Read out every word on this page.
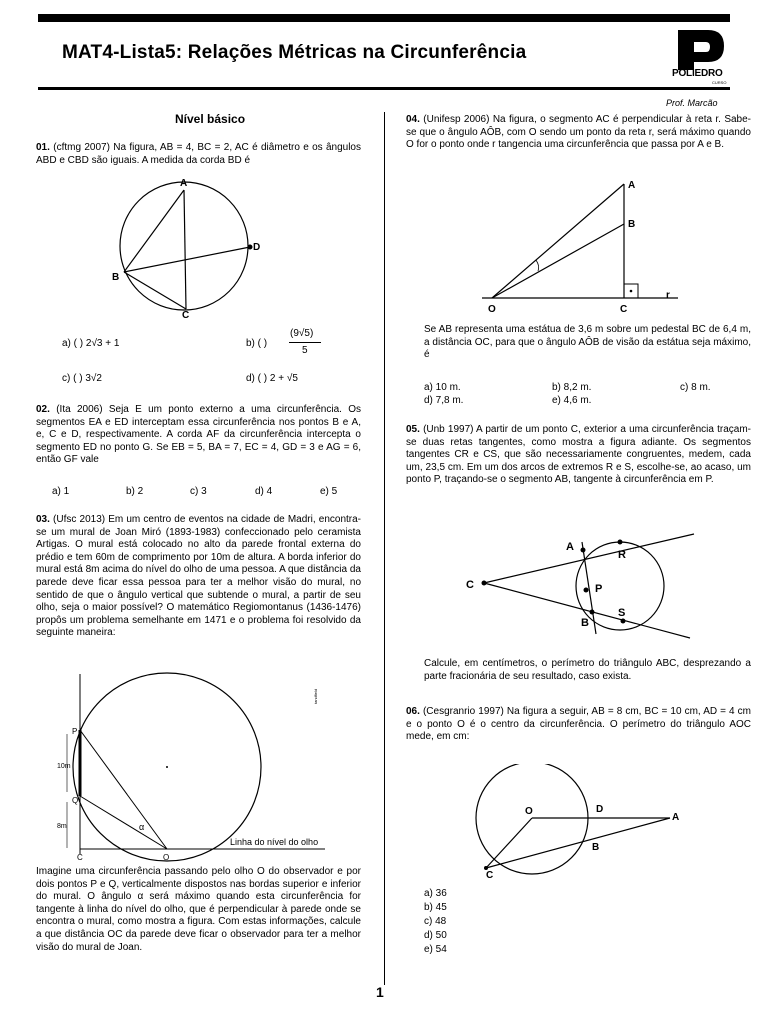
MAT4-Lista5: Relações Métricas na Circunferência
POLIEDRO
CURSO
Prof. Marcão
Nível básico
01. (cftmg 2007) Na figura, AB = 4, BC = 2, AC é diâmetro e os ângulos ABD e CBD são iguais. A medida da corda BD é
A
B
C
D
a) ( ) 2√3 + 1	b) ( )
(9√5)
5
c) ( ) 3√2	d) ( ) 2 + √5
02. (Ita 2006) Seja E um ponto externo a uma circunferência. Os segmentos EA e ED interceptam essa circunferência nos pontos B e A, e, C e D, respectivamente. A corda AF da circunferência intercepta o segmento ED no ponto G. Se EB = 5, BA = 7, EC = 4, GD = 3 e AG = 6, então GF vale
a) 1	b) 2	c) 3	d) 4	e) 5
03. (Ufsc 2013) Em um centro de eventos na cidade de Madri, encontra-se um mural de Joan Miró (1893-1983) confeccionado pelo ceramista Artigas. O mural está colocado no alto da parede frontal externa do prédio e tem 60m de comprimento por 10m de altura. A borda inferior do mural está 8m acima do nível do olho de uma pessoa. A que distância da parede deve ficar essa pessoa para ter a melhor visão do mural, no sentido de que o ângulo vertical que subtende o mural, a partir de seu olho, seja o maior possível? O matemático Regiomontanus (1436-1476) propôs um problema semelhante em 1471 e o problema foi resolvido da seguinte maneira:
P
Q
C	O
α
10m
8m
Linha do nível do olho
tandfield
Imagine uma circunferência passando pelo olho O do observador e por dois pontos P e Q, verticalmente dispostos nas bordas superior e inferior do mural. O ângulo α será máximo quando esta circunferência for tangente à linha do nível do olho, que é perpendicular à parede onde se encontra o mural, como mostra a figura. Com estas informações, calcule a que distância OC da parede deve ficar o observador para ter a melhor visão do mural de Joan.
04. (Unifesp 2006) Na figura, o segmento AC é perpendicular à reta r. Sabe-se que o ângulo AÔB, com O sendo um ponto da reta r, será máximo quando O for o ponto onde r tangencia uma circunferência que passa por A e B.
A
B
O	C
r
Se AB representa uma estátua de 3,6 m sobre um pedestal BC de 6,4 m, a distância OC, para que o ângulo AÔB de visão da estátua seja máximo, é
a) 10 m.	b) 8,2 m.	c) 8 m.
d) 7,8 m.	e) 4,6 m.
05. (Unb 1997) A partir de um ponto C, exterior a uma circunferência traçam-se duas retas tangentes, como mostra a figura adiante. Os segmentos tangentes CR e CS, que são necessariamente congruentes, medem, cada um, 23,5 cm. Em um dos arcos de extremos R e S, escolhe-se, ao acaso, um ponto P, traçando-se o segmento AB, tangente à circunferência em P.
A
R
C	P
S
B
Calcule, em centímetros, o perímetro do triângulo ABC, desprezando a parte fracionária de seu resultado, caso exista.
06. (Cesgranrio 1997) Na figura a seguir, AB = 8 cm, BC = 10 cm, AD = 4 cm e o ponto O é o centro da circunferência. O perímetro do triângulo AOC mede, em cm:
O	D
A
B
C
a) 36
b) 45
c) 48
d) 50
e) 54
1
